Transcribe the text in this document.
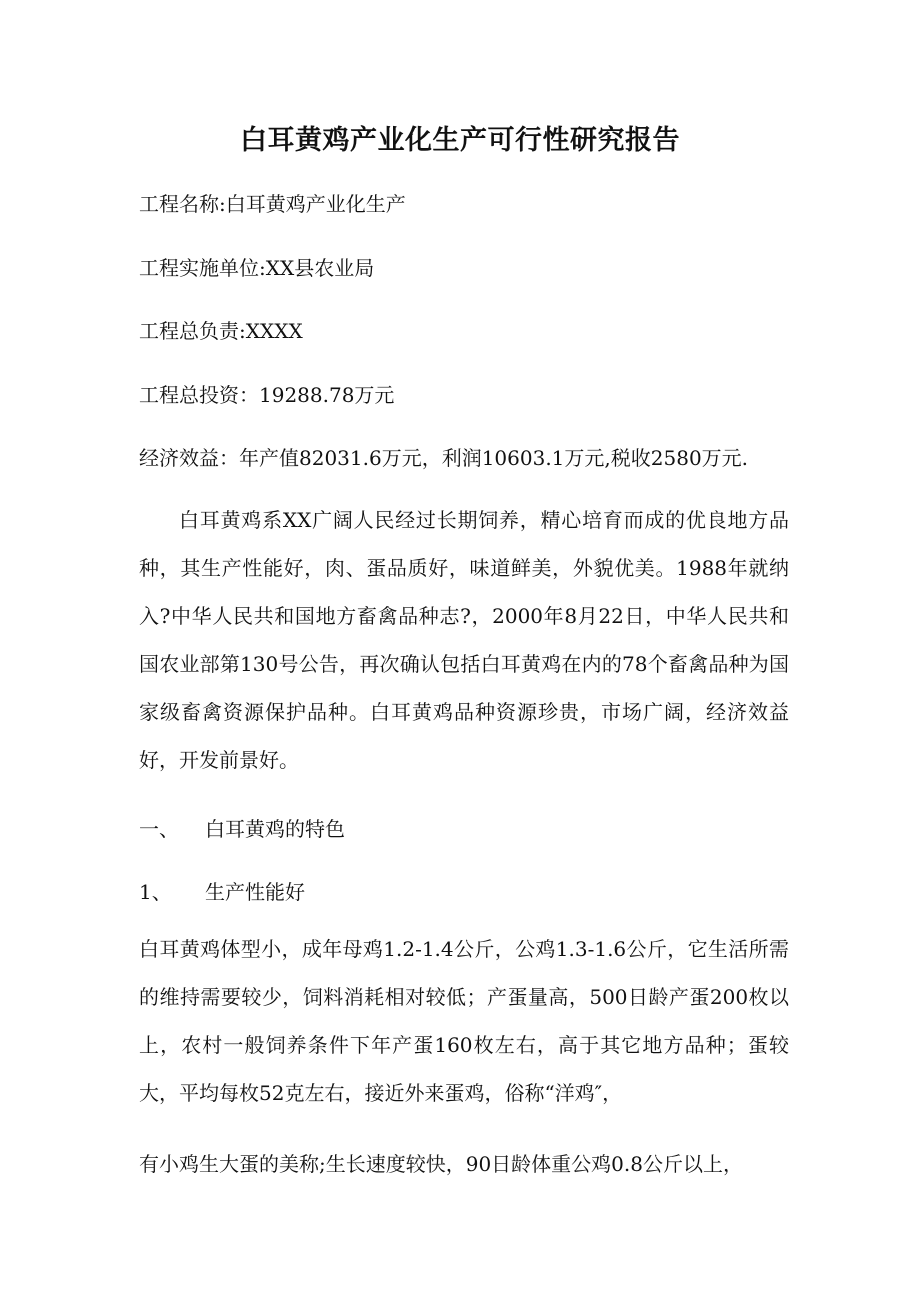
白耳黄鸡产业化生产可行性研究报告
工程名称:白耳黄鸡产业化生产
工程实施单位:XX县农业局
工程总负责:XXXX
工程总投资：19288.78万元
经济效益：年产值82031.6万元，利润10603.1万元,税收2580万元.

白耳黄鸡系XX广阔人民经过长期饲养，精心培育而成的优良地方品种，其生产性能好，肉、蛋品质好，味道鲜美，外貌优美。1988年就纳入?中华人民共和国地方畜禽品种志?，2000年8月22日，中华人民共和国农业部第130号公告，再次确认包括白耳黄鸡在内的78个畜禽品种为国家级畜禽资源保护品种。白耳黄鸡品种资源珍贵，市场广阔，经济效益好，开发前景好。

一、 白耳黄鸡的特色
1、 生产性能好

白耳黄鸡体型小，成年母鸡1.2-1.4公斤，公鸡1.3-1.6公斤，它生活所需的维持需要较少，饲料消耗相对较低；产蛋量高，500日龄产蛋200枚以上，农村一般饲养条件下年产蛋160枚左右，高于其它地方品种；蛋较大，平均每枚52克左右，接近外来蛋鸡，俗称“洋鸡″，

有小鸡生大蛋的美称;生长速度较快，90日龄体重公鸡0.8公斤以上，
